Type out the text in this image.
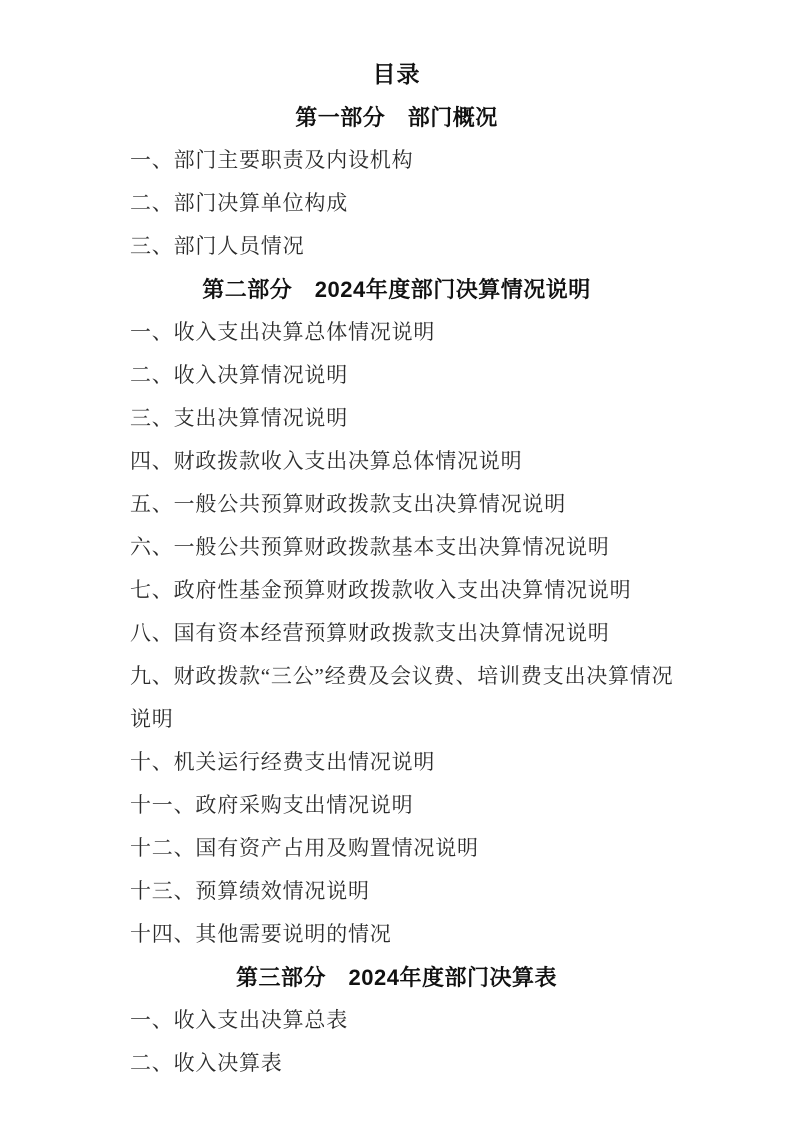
目录
第一部分　部门概况

一、部门主要职责及内设机构

二、部门决算单位构成

三、部门人员情况

第二部分　2024年度部门决算情况说明

一、收入支出决算总体情况说明

二、收入决算情况说明

三、支出决算情况说明

四、财政拨款收入支出决算总体情况说明

五、一般公共预算财政拨款支出决算情况说明

六、一般公共预算财政拨款基本支出决算情况说明

七、政府性基金预算财政拨款收入支出决算情况说明

八、国有资本经营预算财政拨款支出决算情况说明

九、财政拨款“三公”经费及会议费、培训费支出决算情况说明

十、机关运行经费支出情况说明

十一、政府采购支出情况说明

十二、国有资产占用及购置情况说明

十三、预算绩效情况说明

十四、其他需要说明的情况

第三部分　2024年度部门决算表

一、收入支出决算总表

二、收入决算表
